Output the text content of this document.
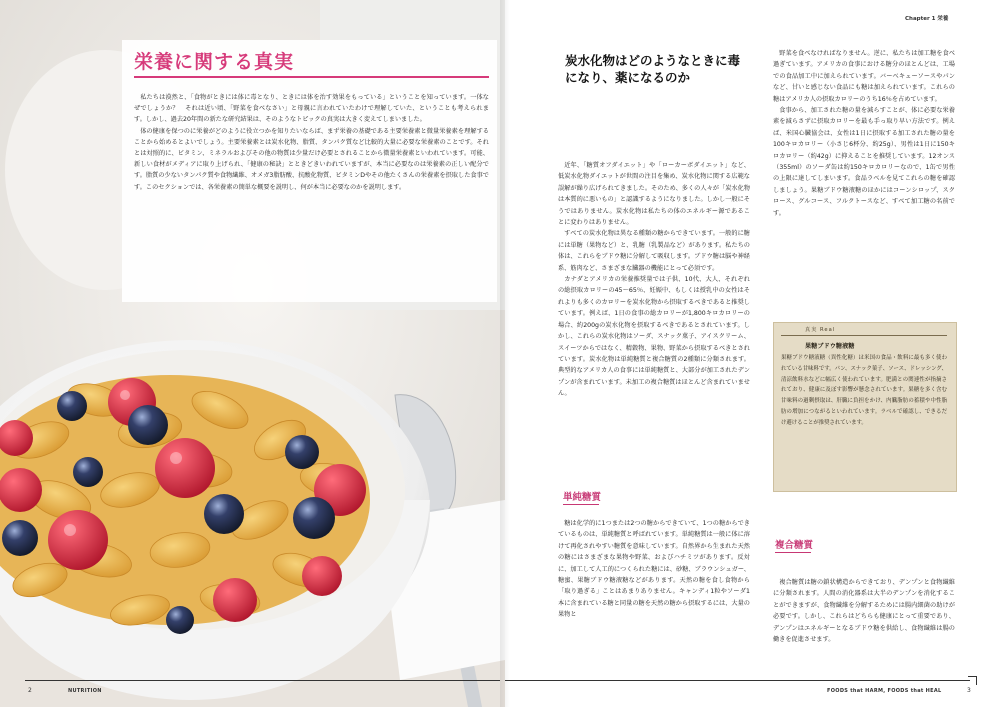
栄養に関する真実

私たちは漠然と、「食物がときには体に毒となり、ときには体を治す効果をもっている」ということを知っています。一体なぜでしょうか？　それは近い頃、「野菜を食べなさい」と母親に言われていたわけで理解していた、ということも考えられます。しかし、過去20年間の新たな研究結果は、そのようなトピックの真実は大きく変えてしまいました。

体の健康を保つのに栄養がどのように役立つかを知りたいならば、まず栄養の基礎である主要栄養素と微量栄養素を理解することから始めるとよいでしょう。主要栄養素とは炭水化物、脂質、タンパク質など比較的大量に必要な栄養素のことです。それとは対照的に、ビタミン、ミネラルおよびその他の物質は少量だけ必要とされることから微量栄養素といわれています。可能、新しい食材がメディアに取り上げられ、「健康の秘訣」とときどきいわれていますが、本当に必要なのは栄養素の正しい配分です。脂質の少ないタンパク質や食物繊維、オメガ3脂肪酸、抗酸化物質、ビタミンDやその他たくさんの栄養素を摂取した食事です。このセクションでは、各栄養素の簡単な概要を説明し、何が本当に必要なのかを説明します。

Chapter 1 栄養
炭水化物はどのようなときに毒になり、薬になるのか

近年、「糖質オフダイエット」や「ローカーボダイエット」など、低炭水化物ダイエットが世間の注目を集め、炭水化物に関する広範な誤解が繰り広げられてきました。そのため、多くの人々が「炭水化物は本質的に悪いもの」と認識するようになりました。しかし一般にそうではありません。炭水化物は私たちの体のエネルギー源であることに変わりはありません。

すべての炭水化物は異なる種類の糖からできています。一般的に糖には単糖（果物など）と、乳糖（乳製品など）があります。私たちの体は、これらをブドウ糖に分解して吸収します。ブドウ糖は脳や神経系、筋肉など、さまざまな臓器の機能にとって必須です。

カナダとアメリカの栄養推奨量では子供、10代、大人、それぞれの総摂取カロリーの45～65％、妊娠中、もしくは授乳中の女性はそれよりも多くのカロリーを炭水化物から摂取するべきであると推奨しています。例えば、1日の食事の総カロリーが1,800キロカロリーの場合、約200gの炭水化物を摂取するべきであるとされています。しかし、これらの炭水化物はソーダ、スナック菓子、アイスクリーム、スイーツからではなく、精穀物、果物、野菜から摂取するべきとされています。炭水化物は単純糖質と複合糖質の2種類に分類されます。典型的なアメリカ人の食事には単純糖質と、大部分が加工されたデンプンが含まれています。未加工の複合糖質はほとんど含まれていません。

単純糖質

糖は化学的に1つまたは2つの糖からできていて、1つの糖からできているものは、単純糖質と呼ばれています。単純糖質は一般に体に溶けて再化されやすい糖質を意味しています。自然界から生まれた天然の糖にはさまざまな果物や野菜、およびハチミツがあります。反対に、加工して人工的につくられた糖には、砂糖、ブラウンシュガー、糖蜜、果糖ブドウ糖液糖などがあります。天然の糖を食し食物から「取り過ぎる」ことはあまりありません。キャンディ1粒やソーダ1本に含まれている糖と同量の糖を天然の糖から摂取するには、大量の果物と

野菜を食べなければなりません。逆に、私たちは加工糖を食べ過ぎています。アメリカの食事における糖分のほとんどは、工場での食品加工中に加えられています。バーベキューソースやパンなど、甘いと感じない食品にも糖は加えられています。これらの糖はアメリカ人の摂取カロリーのうち16％を占めています。

食事から、加工された糖の量を減らすことが、体に必要な栄養素を減らさずに摂取カロリーを最も手っ取り早い方法です。例えば、米国心臓協会は、女性は1日に摂取する加工された糖の量を100キロカロリー（小さじ6杯分、約25g）、男性は1日に150キロカロリー（約42g）に抑えることを推奨しています。12オンス（355ml）のソーダ缶は約150キロカロリーなので、1缶で男性の上限に達してしまいます。食品ラベルを見てこれらの糖を確認しましょう。果糖ブドウ糖液糖のほかにはコーンシロップ、スクロース、グルコース、フルクトースなど、すべて加工糖の名前です。

真実 Real
果糖ブドウ糖液糖

果糖ブドウ糖液糖（異性化糖）は米国の食品・飲料に最も多く使われている甘味料です。パン、スナック菓子、ソース、ドレッシング、清涼飲料水などに幅広く使われています。肥満との関連性が指摘されており、健康に及ぼす影響が懸念されています。果糖を多く含む甘味料の過剰摂取は、肝臓に負担をかけ、内臓脂肪の蓄積や中性脂肪の増加につながるといわれています。ラベルで確認し、できるだけ避けることが推奨されています。

複合糖質

複合糖質は糖の鎖状構造からできており、デンプンと食物繊維に分類されます。人間の消化器系は大半のデンプンを消化することができますが、食物繊維を分解するためには腸内細菌の助けが必要です。しかし、これらはどちらも健康にとって重要であり、デンプンはエネルギーとなるブドウ糖を供給し、食物繊維は腸の働きを促進させます。

2	NUTRITION	FOODS that HARM, FOODS that HEAL	3
